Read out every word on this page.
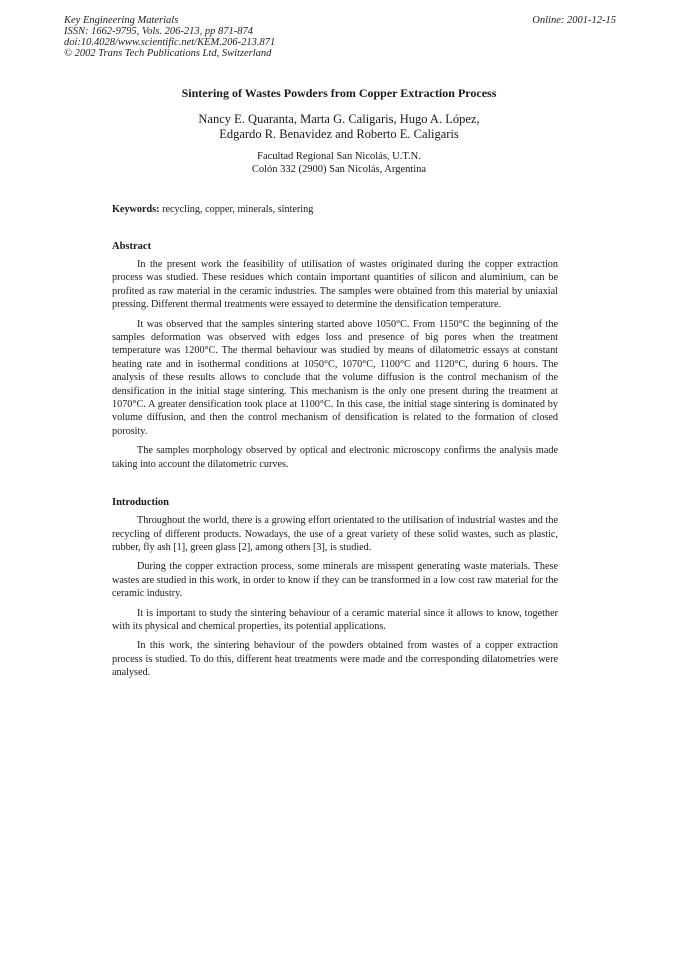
Key Engineering Materials
ISSN: 1662-9795, Vols. 206-213, pp 871-874
doi:10.4028/www.scientific.net/KEM.206-213.871
© 2002 Trans Tech Publications Ltd, Switzerland
Online: 2001-12-15
Sintering of Wastes Powders from Copper Extraction Process
Nancy E. Quaranta, Marta G. Caligaris, Hugo A. López,
Edgardo R. Benavidez and Roberto E. Caligaris
Facultad Regional San Nicolás, U.T.N.
Colón 332 (2900) San Nicolás, Argentina
Keywords: recycling, copper, minerals, sintering
Abstract

In the present work the feasibility of utilisation of wastes originated during the copper extraction process was studied. These residues which contain important quantities of silicon and aluminium, can be profited as raw material in the ceramic industries. The samples were obtained from this material by uniaxial pressing. Different thermal treatments were essayed to determine the densification temperature.

It was observed that the samples sintering started above 1050°C. From 1150°C the beginning of the samples deformation was observed with edges loss and presence of big pores when the treatment temperature was 1200°C. The thermal behaviour was studied by means of dilatometric essays at constant heating rate and in isothermal conditions at 1050°C, 1070°C, 1100°C and 1120°C, during 6 hours. The analysis of these results allows to conclude that the volume diffusion is the control mechanism of the densification in the initial stage sintering. This mechanism is the only one present during the treatment at 1070°C. A greater densification took place at 1100°C. In this case, the initial stage sintering is dominated by volume diffusion, and then the control mechanism of densification is related to the formation of closed porosity.

The samples morphology observed by optical and electronic microscopy confirms the analysis made taking into account the dilatometric curves.

Introduction

Throughout the world, there is a growing effort orientated to the utilisation of industrial wastes and the recycling of different products. Nowadays, the use of a great variety of these solid wastes, such as plastic, rubber, fly ash [1], green glass [2], among others [3], is studied.

During the copper extraction process, some minerals are misspent generating waste materials. These wastes are studied in this work, in order to know if they can be transformed in a low cost raw material for the ceramic industry.

It is important to study the sintering behaviour of a ceramic material since it allows to know, together with its physical and chemical properties, its potential applications.

In this work, the sintering behaviour of the powders obtained from wastes of a copper extraction process is studied. To do this, different heat treatments were made and the corresponding dilatometries were analysed.
